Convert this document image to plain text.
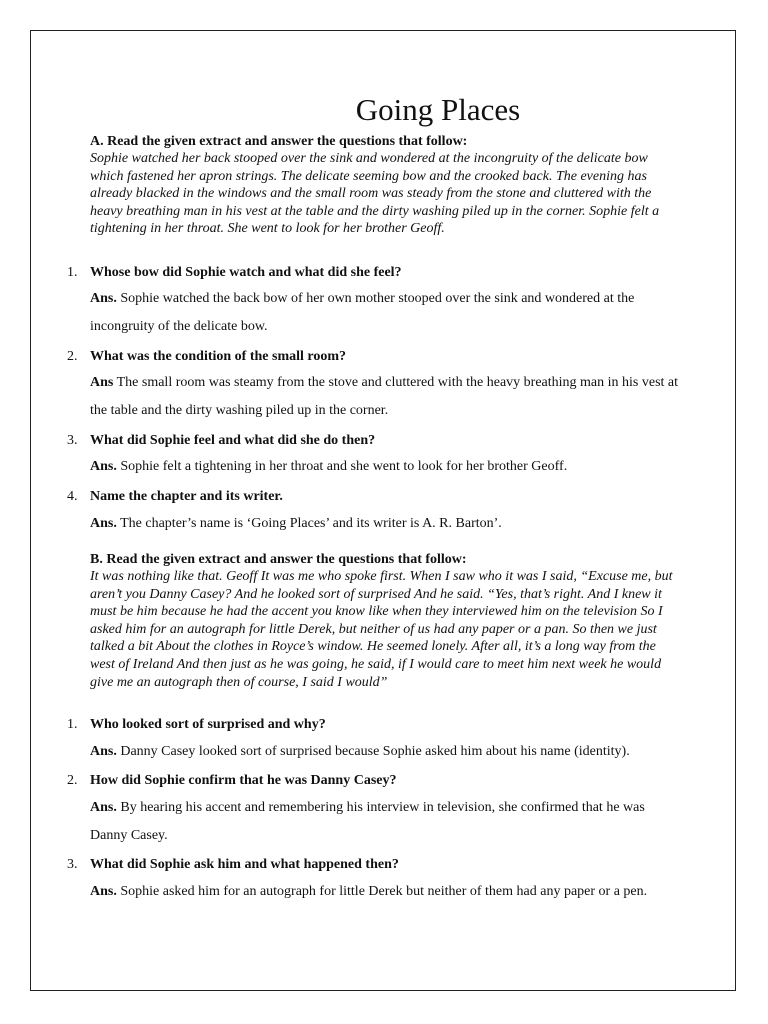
Going Places
A. Read the given extract and answer the questions that follow:
Sophie watched her back stooped over the sink and wondered at the incongruity of the delicate bow which fastened her apron strings. The delicate seeming bow and the crooked back. The evening has already blacked in the windows and the small room was steady from the stone and cluttered with the heavy breathing man in his vest at the table and the dirty washing piled up in the corner. Sophie felt a tightening in her throat. She went to look for her brother Geoff.
1. Whose bow did Sophie watch and what did she feel?
Ans. Sophie watched the back bow of her own mother stooped over the sink and wondered at the incongruity of the delicate bow.
2. What was the condition of the small room?
Ans The small room was steamy from the stove and cluttered with the heavy breathing man in his vest at the table and the dirty washing piled up in the corner.
3. What did Sophie feel and what did she do then?
Ans. Sophie felt a tightening in her throat and she went to look for her brother Geoff.
4. Name the chapter and its writer.
Ans. The chapter’s name is ‘Going Places’ and its writer is A. R. Barton’.
B. Read the given extract and answer the questions that follow:
It was nothing like that. Geoff It was me who spoke first. When I saw who it was I said, “Excuse me, but aren’t you Danny Casey? And he looked sort of surprised And he said. “Yes, that’s right. And I knew it must be him because he had the accent you know like when they interviewed him on the television So I asked him for an autograph for little Derek, but neither of us had any paper or a pan. So then we just talked a bit About the clothes in Royce’s window. He seemed lonely. After all, it’s a long way from the west of Ireland And then just as he was going, he said, if I would care to meet him next week he would give me an autograph then of course, I said I would”
1. Who looked sort of surprised and why?
Ans. Danny Casey looked sort of surprised because Sophie asked him about his name (identity).
2. How did Sophie confirm that he was Danny Casey?
Ans. By hearing his accent and remembering his interview in television, she confirmed that he was Danny Casey.
3. What did Sophie ask him and what happened then?
Ans. Sophie asked him for an autograph for little Derek but neither of them had any paper or a pen.
